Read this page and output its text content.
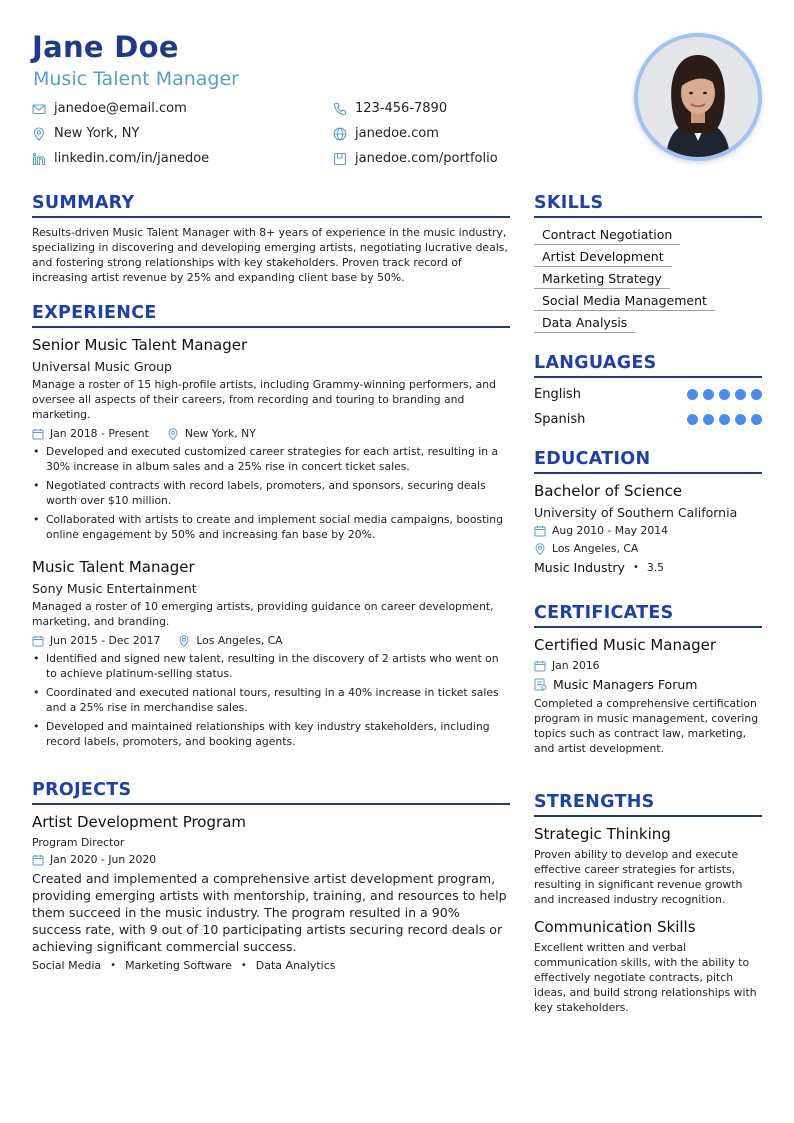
Jane Doe
Music Talent Manager
janedoe@email.com	123-456-7890
New York, NY	janedoe.com
linkedin.com/in/janedoe	janedoe.com/portfolio
SUMMARY
Results-driven Music Talent Manager with 8+ years of experience in the music industry, specializing in discovering and developing emerging artists, negotiating lucrative deals, and fostering strong relationships with key stakeholders. Proven track record of increasing artist revenue by 25% and expanding client base by 50%.
EXPERIENCE
Senior Music Talent Manager
Universal Music Group
Manage a roster of 15 high-profile artists, including Grammy-winning performers, and oversee all aspects of their careers, from recording and touring to branding and marketing.
Jan 2018 - Present	New York, NY
• Developed and executed customized career strategies for each artist, resulting in a 30% increase in album sales and a 25% rise in concert ticket sales.
• Negotiated contracts with record labels, promoters, and sponsors, securing deals worth over $10 million.
• Collaborated with artists to create and implement social media campaigns, boosting online engagement by 50% and increasing fan base by 20%.
Music Talent Manager
Sony Music Entertainment
Managed a roster of 10 emerging artists, providing guidance on career development, marketing, and branding.
Jun 2015 - Dec 2017	Los Angeles, CA
• Identified and signed new talent, resulting in the discovery of 2 artists who went on to achieve platinum-selling status.
• Coordinated and executed national tours, resulting in a 40% increase in ticket sales and a 25% rise in merchandise sales.
• Developed and maintained relationships with key industry stakeholders, including record labels, promoters, and booking agents.
PROJECTS
Artist Development Program
Program Director
Jan 2020 - Jun 2020
Created and implemented a comprehensive artist development program, providing emerging artists with mentorship, training, and resources to help them succeed in the music industry. The program resulted in a 90% success rate, with 9 out of 10 participating artists securing record deals or achieving significant commercial success.
Social Media • Marketing Software • Data Analytics
SKILLS
Contract Negotiation
Artist Development
Marketing Strategy
Social Media Management
Data Analysis
LANGUAGES
English
Spanish
EDUCATION
Bachelor of Science
University of Southern California
Aug 2010 - May 2014
Los Angeles, CA
Music Industry • 3.5
CERTIFICATES
Certified Music Manager
Jan 2016
Music Managers Forum
Completed a comprehensive certification program in music management, covering topics such as contract law, marketing, and artist development.
STRENGTHS
Strategic Thinking
Proven ability to develop and execute effective career strategies for artists, resulting in significant revenue growth and increased industry recognition.
Communication Skills
Excellent written and verbal communication skills, with the ability to effectively negotiate contracts, pitch ideas, and build strong relationships with key stakeholders.
